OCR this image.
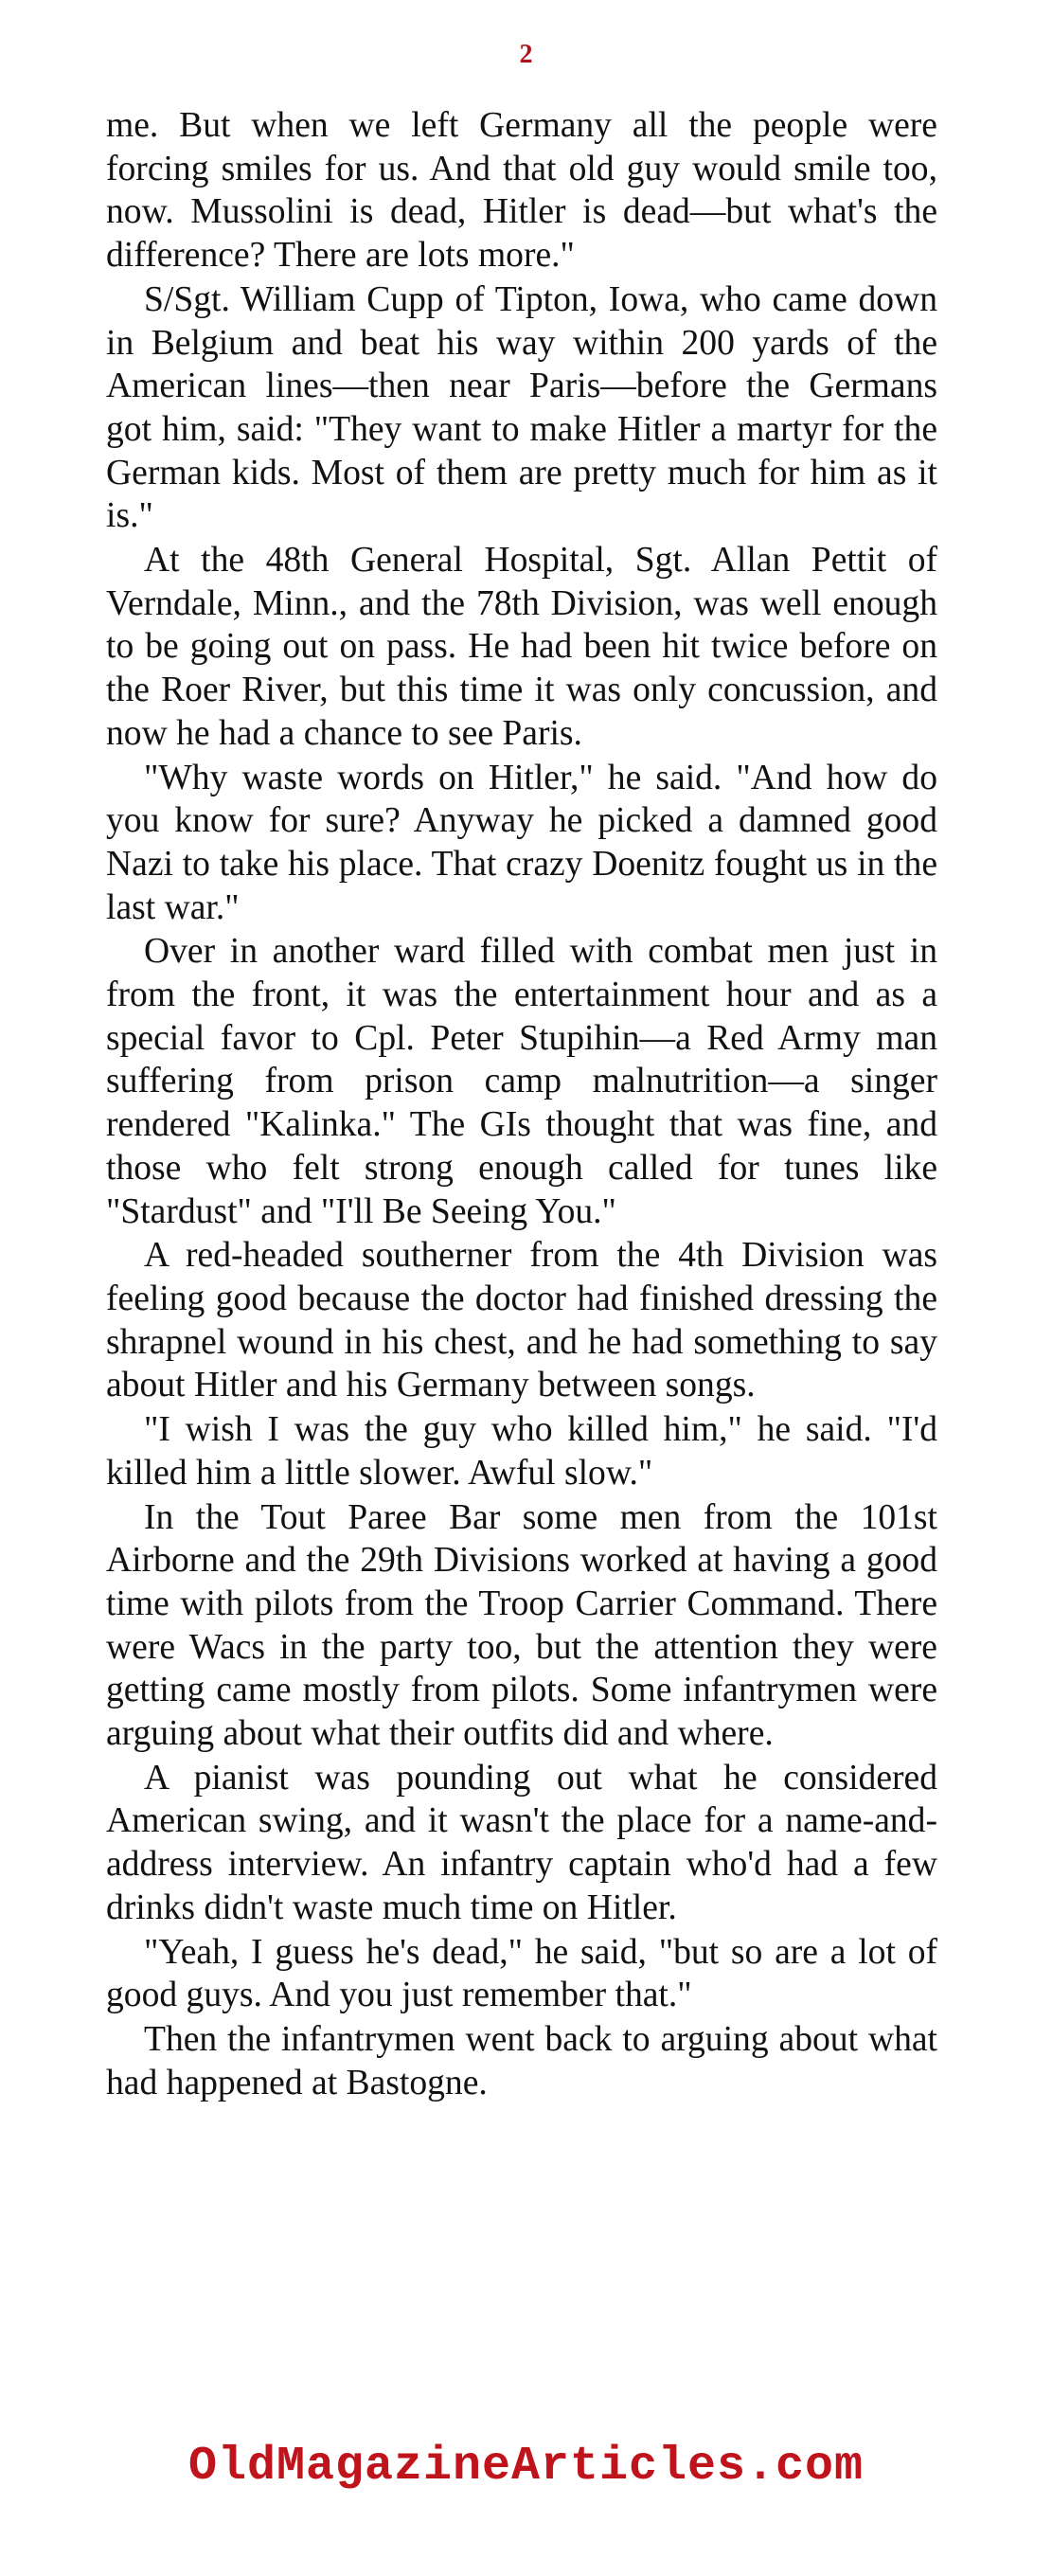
2

me. But when we left Germany all the people were forcing smiles for us. And that old guy would smile too, now. Mussolini is dead, Hitler is dead—but what's the difference? There are lots more."

S/Sgt. William Cupp of Tipton, Iowa, who came down in Belgium and beat his way within 200 yards of the American lines—then near Paris—before the Germans got him, said: "They want to make Hitler a martyr for the German kids. Most of them are pretty much for him as it is."

At the 48th General Hospital, Sgt. Allan Pettit of Verndale, Minn., and the 78th Division, was well enough to be going out on pass. He had been hit twice before on the Roer River, but this time it was only concussion, and now he had a chance to see Paris.

"Why waste words on Hitler," he said. "And how do you know for sure? Anyway he picked a damned good Nazi to take his place. That crazy Doenitz fought us in the last war."

Over in another ward filled with combat men just in from the front, it was the entertainment hour and as a special favor to Cpl. Peter Stupihin—a Red Army man suffering from prison camp malnutrition—a singer rendered "Kalinka." The GIs thought that was fine, and those who felt strong enough called for tunes like "Stardust" and "I'll Be Seeing You."

A red-headed southerner from the 4th Division was feeling good because the doctor had finished dressing the shrapnel wound in his chest, and he had something to say about Hitler and his Germany between songs.

"I wish I was the guy who killed him," he said. "I'd killed him a little slower. Awful slow."

In the Tout Paree Bar some men from the 101st Airborne and the 29th Divisions worked at having a good time with pilots from the Troop Carrier Command. There were Wacs in the party too, but the attention they were getting came mostly from pilots. Some infantrymen were arguing about what their outfits did and where.

A pianist was pounding out what he considered American swing, and it wasn't the place for a name-and-address interview. An infantry captain who'd had a few drinks didn't waste much time on Hitler.

"Yeah, I guess he's dead," he said, "but so are a lot of good guys. And you just remember that."

Then the infantrymen went back to arguing about what had happened at Bastogne.

OldMagazineArticles.com
